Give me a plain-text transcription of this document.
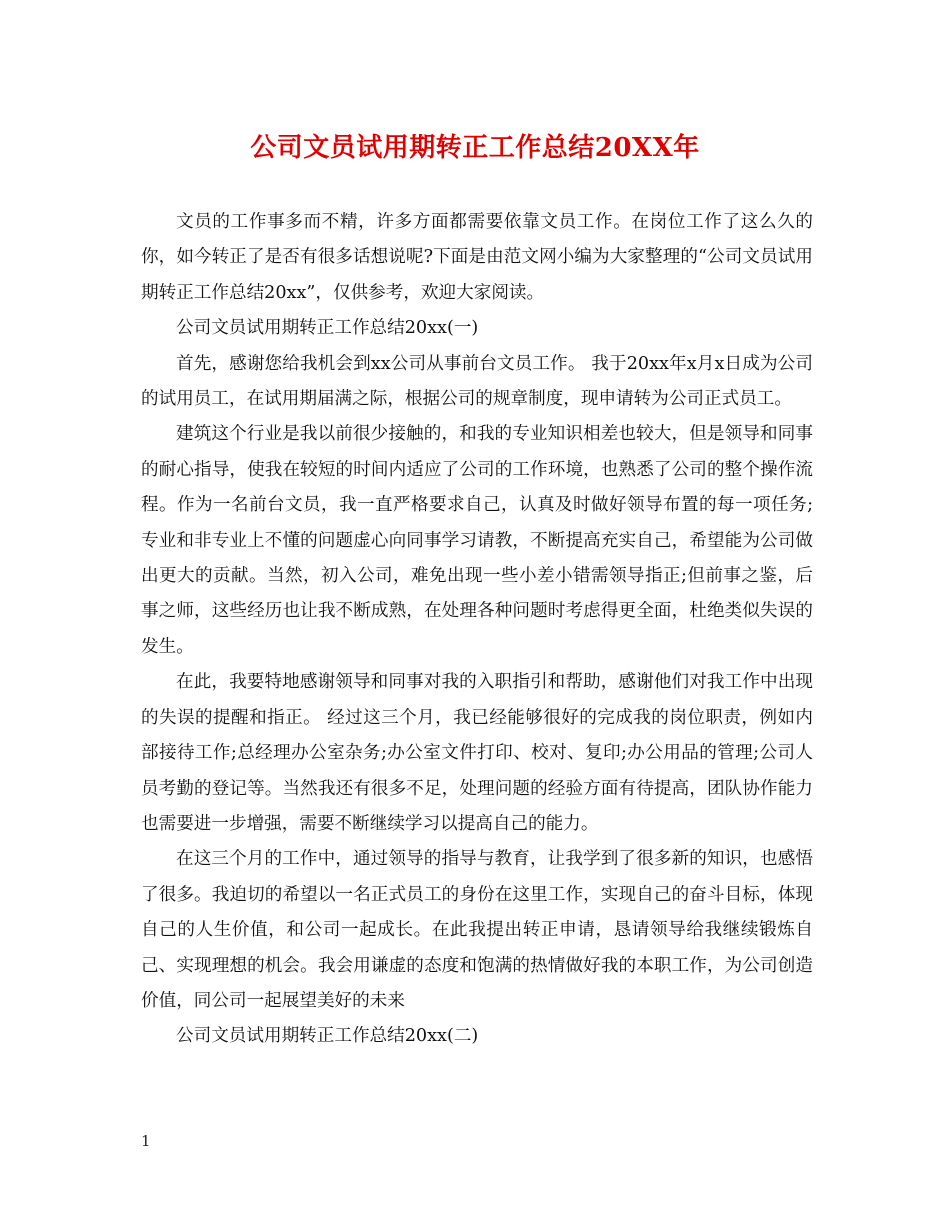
公司文员试用期转正工作总结20XX年

文员的工作事多而不精，许多方面都需要依靠文员工作。在岗位工作了这么久的你，如今转正了是否有很多话想说呢?下面是由范文网小编为大家整理的“公司文员试用期转正工作总结20xx”，仅供参考，欢迎大家阅读。

公司文员试用期转正工作总结20xx(一)

首先，感谢您给我机会到xx公司从事前台文员工作。 我于20xx年x月x日成为公司的试用员工，在试用期届满之际，根据公司的规章制度，现申请转为公司正式员工。

建筑这个行业是我以前很少接触的，和我的专业知识相差也较大，但是领导和同事的耐心指导，使我在较短的时间内适应了公司的工作环境，也熟悉了公司的整个操作流程。作为一名前台文员，我一直严格要求自己，认真及时做好领导布置的每一项任务;专业和非专业上不懂的问题虚心向同事学习请教，不断提高充实自己，希望能为公司做出更大的贡献。当然，初入公司，难免出现一些小差小错需领导指正;但前事之鉴，后事之师，这些经历也让我不断成熟，在处理各种问题时考虑得更全面，杜绝类似失误的发生。

在此，我要特地感谢领导和同事对我的入职指引和帮助，感谢他们对我工作中出现的失误的提醒和指正。 经过这三个月，我已经能够很好的完成我的岗位职责，例如内部接待工作;总经理办公室杂务;办公室文件打印、校对、复印;办公用品的管理;公司人员考勤的登记等。当然我还有很多不足，处理问题的经验方面有待提高，团队协作能力也需要进一步增强，需要不断继续学习以提高自己的能力。

在这三个月的工作中，通过领导的指导与教育，让我学到了很多新的知识，也感悟了很多。我迫切的希望以一名正式员工的身份在这里工作，实现自己的奋斗目标，体现自己的人生价值，和公司一起成长。在此我提出转正申请，恳请领导给我继续锻炼自己、实现理想的机会。我会用谦虚的态度和饱满的热情做好我的本职工作，为公司创造价值，同公司一起展望美好的未来

公司文员试用期转正工作总结20xx(二)

1
